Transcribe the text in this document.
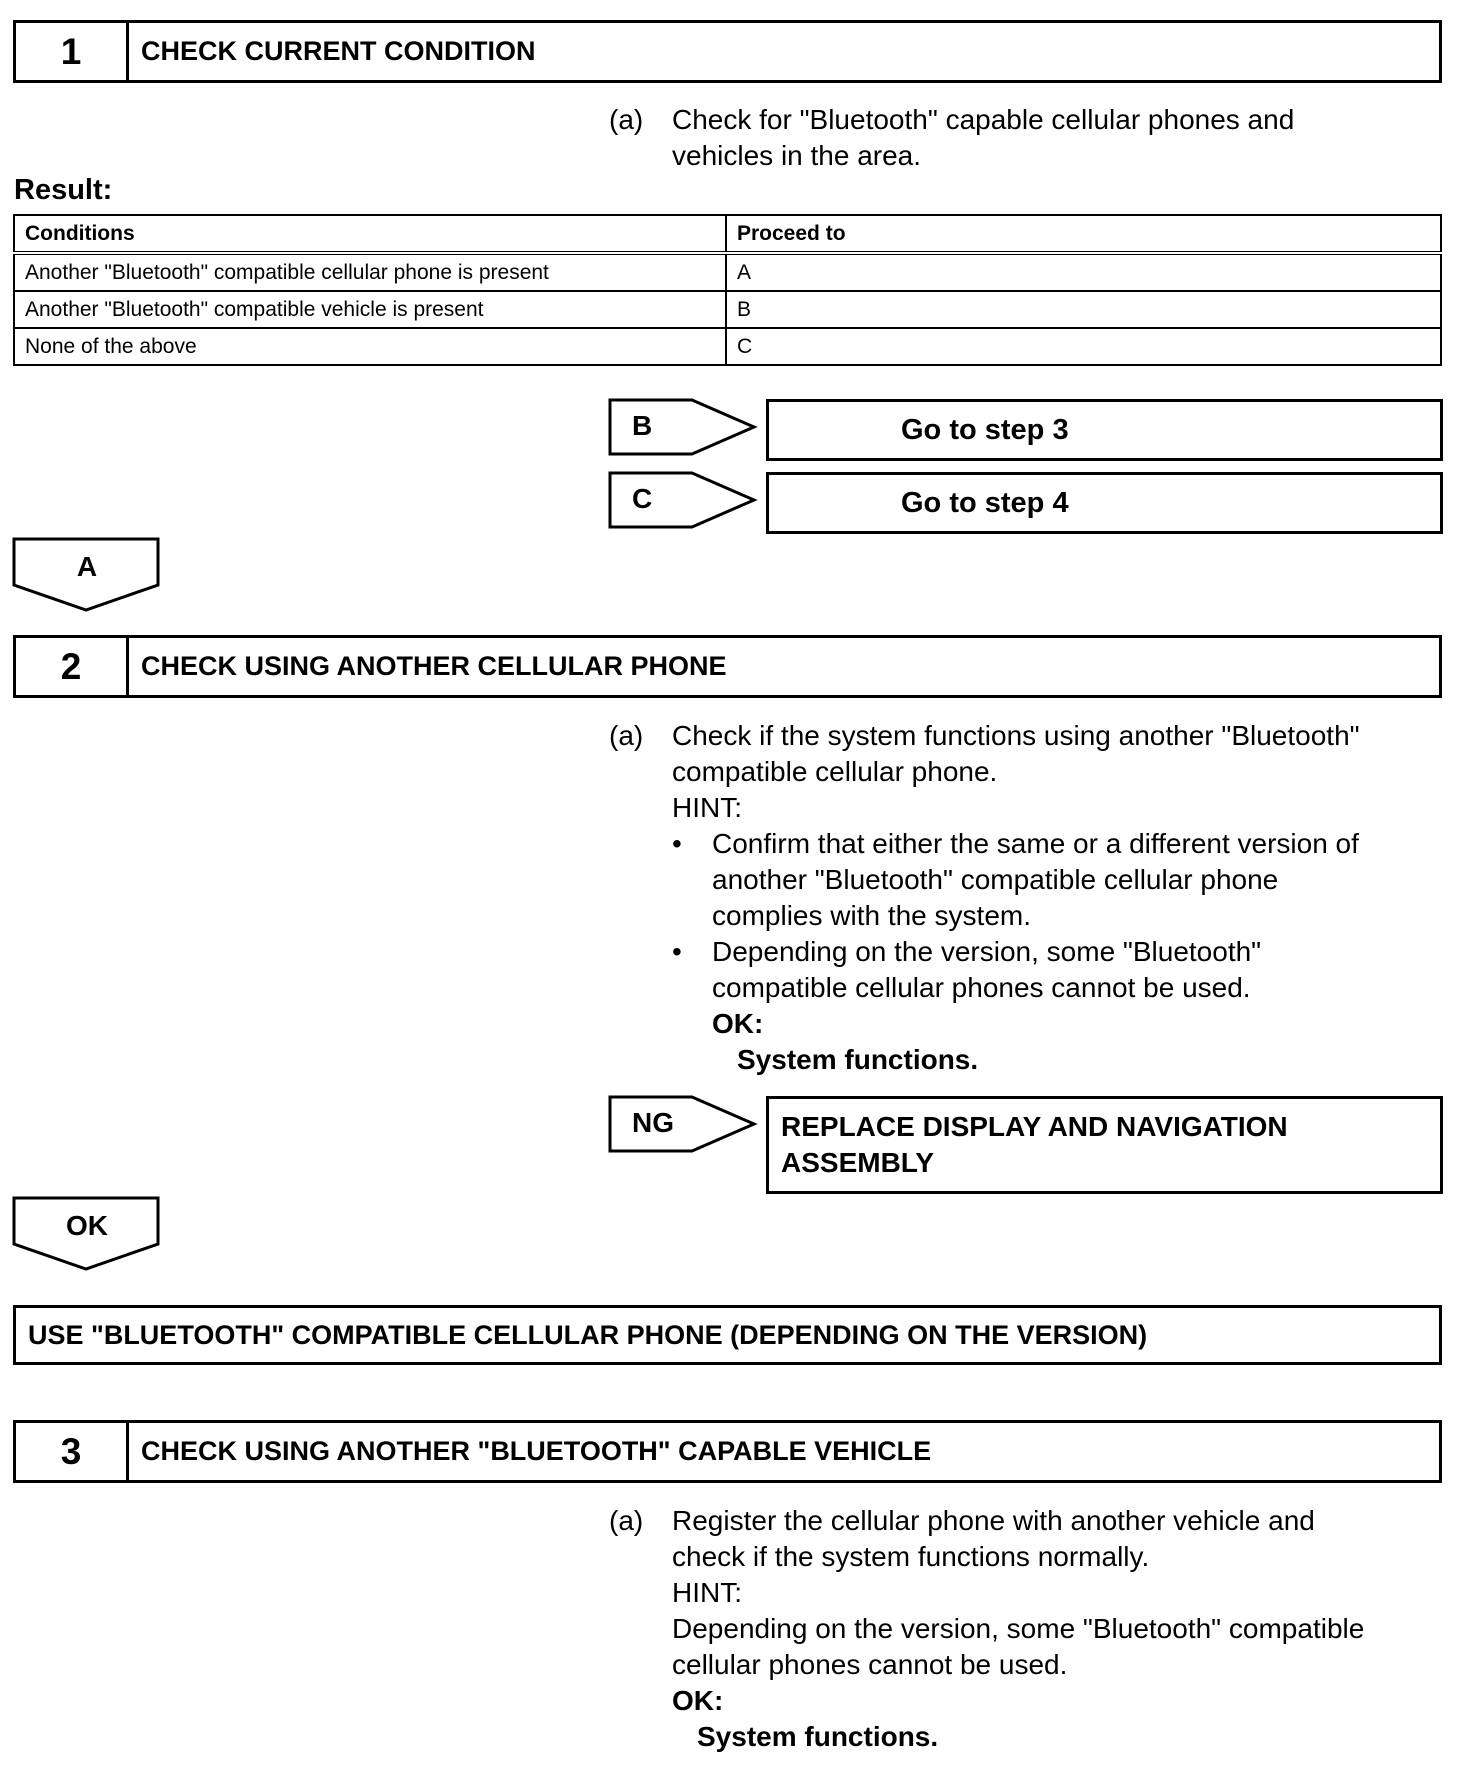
1	CHECK CURRENT CONDITION
(a) Check for "Bluetooth" capable cellular phones and
vehicles in the area.
Result:
Conditions	Proceed to
Another "Bluetooth" compatible cellular phone is present	A
Another "Bluetooth" compatible vehicle is present	B
None of the above	C
B	Go to step 3
C	Go to step 4
A
2	CHECK USING ANOTHER CELLULAR PHONE
(a) Check if the system functions using another "Bluetooth"
compatible cellular phone.
HINT:
•	Confirm that either the same or a different version of
another "Bluetooth" compatible cellular phone
complies with the system.
•	Depending on the version, some "Bluetooth"
compatible cellular phones cannot be used.
OK:
System functions.
NG	REPLACE DISPLAY AND NAVIGATION
ASSEMBLY
OK
USE "BLUETOOTH" COMPATIBLE CELLULAR PHONE (DEPENDING ON THE VERSION)
3	CHECK USING ANOTHER "BLUETOOTH" CAPABLE VEHICLE
(a) Register the cellular phone with another vehicle and
check if the system functions normally.
HINT:
Depending on the version, some "Bluetooth" compatible
cellular phones cannot be used.
OK:
System functions.
